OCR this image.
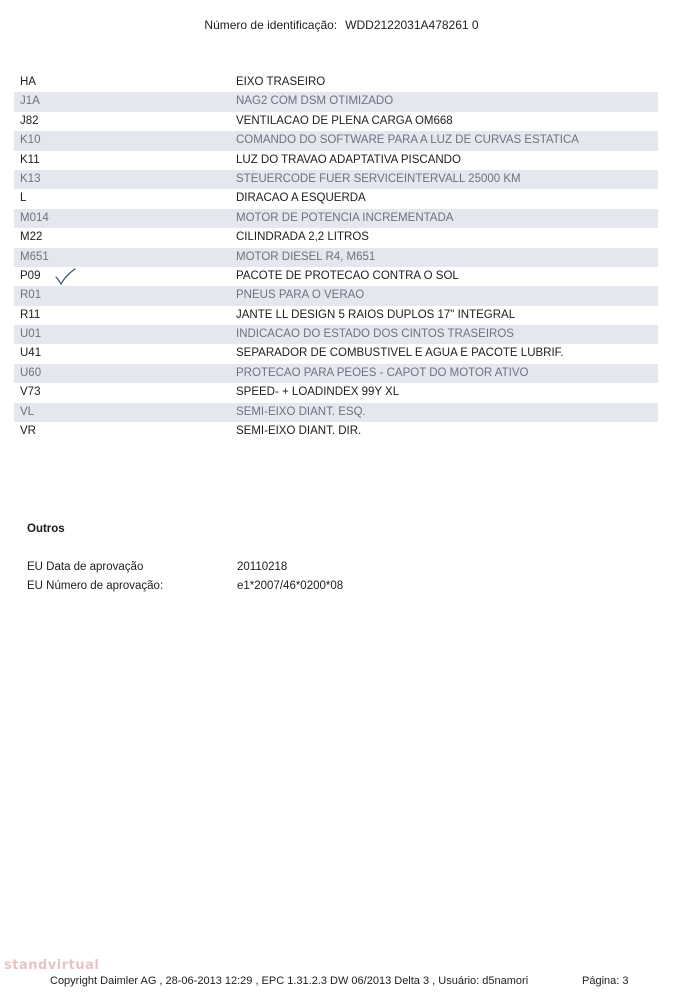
Número de identificação: WDD2122031A478261 0
HA	EIXO TRASEIRO
J1A	NAG2 COM DSM OTIMIZADO
J82	VENTILACAO DE PLENA CARGA OM668
K10	COMANDO DO SOFTWARE PARA A LUZ DE CURVAS ESTATICA
K11	LUZ DO TRAVAO ADAPTATIVA PISCANDO
K13	STEUERCODE FUER SERVICEINTERVALL 25000 KM
L	DIRACAO A ESQUERDA
M014	MOTOR DE POTENCIA INCREMENTADA
M22	CILINDRADA 2,2 LITROS
M651	MOTOR DIESEL R4, M651
P09	PACOTE DE PROTECAO CONTRA O SOL
R01	PNEUS PARA O VERAO
R11	JANTE LL DESIGN 5 RAIOS DUPLOS 17" INTEGRAL
U01	INDICACAO DO ESTADO DOS CINTOS TRASEIROS
U41	SEPARADOR DE COMBUSTIVEL E AGUA E PACOTE LUBRIF.
U60	PROTECAO PARA PEOES - CAPOT DO MOTOR ATIVO
V73	SPEED- + LOADINDEX 99Y XL
VL	SEMI-EIXO DIANT. ESQ.
VR	SEMI-EIXO DIANT. DIR.
Outros
EU Data de aprovação	20110218
EU Número de aprovação:	e1*2007/46*0200*08
standvirtual
Copyright Daimler AG , 28-06-2013 12:29 , EPC 1.31.2.3 DW 06/2013 Delta 3 , Usuário: d5namori	Página: 3
